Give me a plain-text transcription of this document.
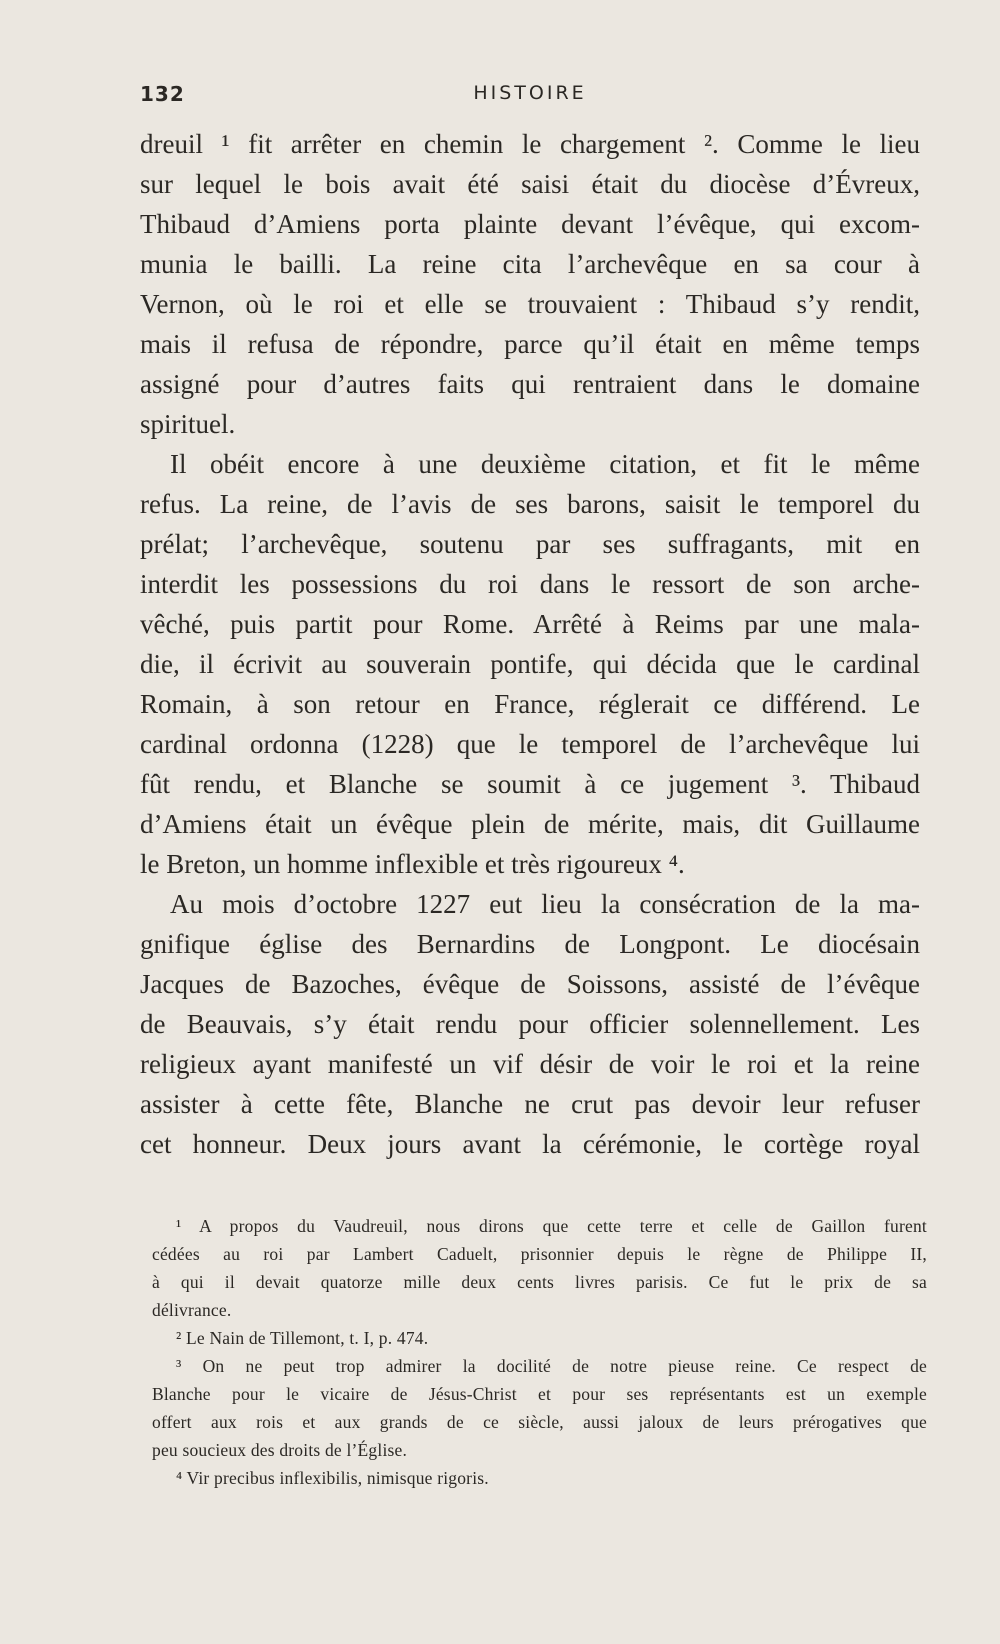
132	HISTOIRE
dreuil ¹ fit arrêter en chemin le chargement ². Comme le lieu
sur lequel le bois avait été saisi était du diocèse d’Évreux,
Thibaud d’Amiens porta plainte devant l’évêque, qui excom-
munia le bailli. La reine cita l’archevêque en sa cour à
Vernon, où le roi et elle se trouvaient : Thibaud s’y rendit,
mais il refusa de répondre, parce qu’il était en même temps
assigné pour d’autres faits qui rentraient dans le domaine
spirituel.
Il obéit encore à une deuxième citation, et fit le même
refus. La reine, de l’avis de ses barons, saisit le temporel du
prélat; l’archevêque, soutenu par ses suffragants, mit en
interdit les possessions du roi dans le ressort de son arche-
vêché, puis partit pour Rome. Arrêté à Reims par une mala-
die, il écrivit au souverain pontife, qui décida que le cardinal
Romain, à son retour en France, réglerait ce différend. Le
cardinal ordonna (1228) que le temporel de l’archevêque lui
fût rendu, et Blanche se soumit à ce jugement ³. Thibaud
d’Amiens était un évêque plein de mérite, mais, dit Guillaume
le Breton, un homme inflexible et très rigoureux ⁴.
Au mois d’octobre 1227 eut lieu la consécration de la ma-
gnifique église des Bernardins de Longpont. Le diocésain
Jacques de Bazoches, évêque de Soissons, assisté de l’évêque
de Beauvais, s’y était rendu pour officier solennellement. Les
religieux ayant manifesté un vif désir de voir le roi et la reine
assister à cette fête, Blanche ne crut pas devoir leur refuser
cet honneur. Deux jours avant la cérémonie, le cortège royal
¹ A propos du Vaudreuil, nous dirons que cette terre et celle de Gaillon furent
cédées au roi par Lambert Caduelt, prisonnier depuis le règne de Philippe II,
à qui il devait quatorze mille deux cents livres parisis. Ce fut le prix de sa
délivrance.
² Le Nain de Tillemont, t. I, p. 474.
³ On ne peut trop admirer la docilité de notre pieuse reine. Ce respect de
Blanche pour le vicaire de Jésus-Christ et pour ses représentants est un exemple
offert aux rois et aux grands de ce siècle, aussi jaloux de leurs prérogatives que
peu soucieux des droits de l’Église.
⁴ Vir precibus inflexibilis, nimisque rigoris.
